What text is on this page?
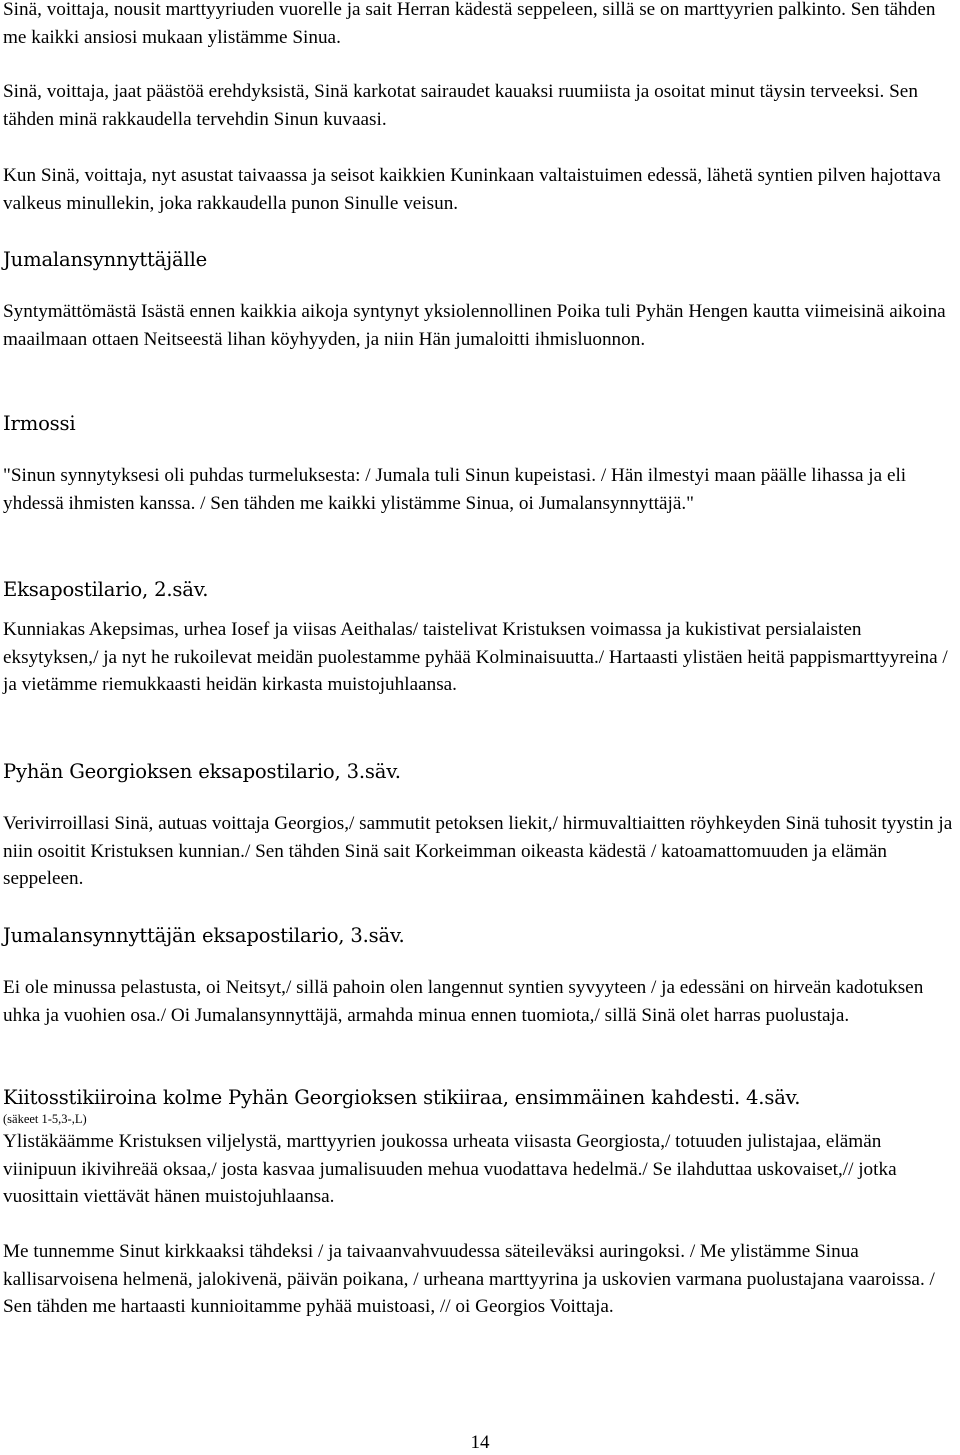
Sinä, voittaja, nousit marttyyriuden vuorelle ja sait Herran kädestä seppeleen, sillä se on marttyyrien palkinto. Sen tähden me kaikki ansiosi mukaan ylistämme Sinua.

Sinä, voittaja, jaat päästöä erehdyksistä, Sinä karkotat sairaudet kauaksi ruumiista ja osoitat minut täysin terveeksi. Sen tähden minä rakkaudella tervehdin Sinun kuvaasi.

Kun Sinä, voittaja, nyt asustat taivaassa ja seisot kaikkien Kuninkaan valtaistuimen edessä, lähetä syntien pilven hajottava valkeus minullekin, joka rakkaudella punon Sinulle veisun.

Jumalansynnyttäjälle

Syntymättömästä Isästä ennen kaikkia aikoja syntynyt yksiolennollinen Poika tuli Pyhän Hengen kautta viimeisinä aikoina maailmaan ottaen Neitseestä lihan köyhyyden, ja niin Hän jumaloitti ihmisluonnon.

Irmossi

"Sinun synnytyksesi oli puhdas turmeluksesta: / Jumala tuli Sinun kupeistasi. / Hän ilmestyi maan päälle lihassa ja eli yhdessä ihmisten kanssa. / Sen tähden me kaikki ylistämme Sinua, oi Jumalansynnyttäjä."

Eksapostilario, 2.säv.

Kunniakas Akepsimas, urhea Iosef ja viisas Aeithalas/ taistelivat Kristuksen voimassa ja kukistivat persialaisten eksytyksen,/ ja nyt he rukoilevat meidän puolestamme pyhää Kolminaisuutta./ Hartaasti ylistäen heitä pappismarttyyreina / ja vietämme riemukkaasti heidän kirkasta muistojuhlaansa.

Pyhän Georgioksen eksapostilario, 3.säv.

Verivirroillasi Sinä, autuas voittaja Georgios,/ sammutit petoksen liekit,/ hirmuvaltiaitten röyhkeyden Sinä tuhosit tyystin ja niin osoitit Kristuksen kunnian./ Sen tähden Sinä sait Korkeimman oikeasta kädestä / katoamattomuuden ja elämän seppeleen.

Jumalansynnyttäjän eksapostilario, 3.säv.

Ei ole minussa pelastusta, oi Neitsyt,/ sillä pahoin olen langennut syntien syvyyteen / ja edessäni on hirveän kadotuksen uhka ja vuohien osa./ Oi Jumalansynnyttäjä, armahda minua ennen tuomiota,/ sillä Sinä olet harras puolustaja.

Kiitosstikiiroina kolme Pyhän Georgioksen stikiiraa, ensimmäinen kahdesti. 4.säv.
(säkeet 1-5,3-,L)

Ylistäkäämme Kristuksen viljelystä, marttyyrien joukossa urheata viisasta Georgiosta,/ totuuden julistajaa, elämän viinipuun ikivihreää oksaa,/ josta kasvaa jumalisuuden mehua vuodattava hedelmä./ Se ilahduttaa uskovaiset,// jotka vuosittain viettävät hänen muistojuhlaansa.

Me tunnemme Sinut kirkkaaksi tähdeksi / ja taivaanvahvuudessa säteileväksi auringoksi. / Me ylistämme Sinua kallisarvoisena helmenä, jalokivenä, päivän poikana, / urheana marttyyrina ja uskovien varmana puolustajana vaaroissa. / Sen tähden me hartaasti kunnioitamme pyhää muistoasi, // oi Georgios Voittaja.

14
